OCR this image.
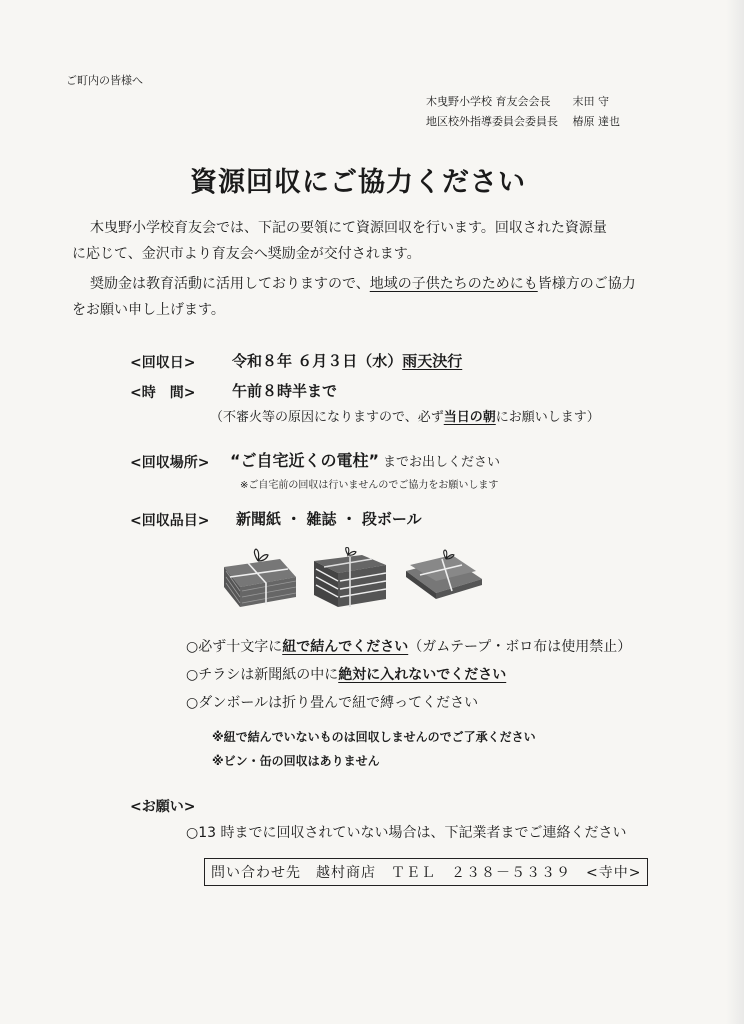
ご町内の皆様へ
木曳野小学校 育友会会長　　末田 守
地区校外指導委員会委員長　 椿原 達也
資源回収にご協力ください
木曳野小学校育友会では、下記の要領にて資源回収を行います。回収された資源量
に応じて、金沢市より育友会へ奨励金が交付されます。
奨励金は教育活動に活用しておりますので、地域の子供たちのためにも皆様方のご協力
をお願い申し上げます。
<回収日> 令和８年 ６月３日（水）雨天決行
<時　間> 午前８時半まで
（不審火等の原因になりますので、必ず当日の朝にお願いします）
<回収場所> “ご自宅近くの電柱” までお出しください
※ご自宅前の回収は行いませんのでご協力をお願いします
<回収品目> 新聞紙 ・ 雑誌 ・ 段ボール
○必ず十文字に紐で結んでください（ガムテープ・ボロ布は使用禁止）
○チラシは新聞紙の中に絶対に入れないでください
○ダンボールは折り畳んで紐で縛ってください
※紐で結んでいないものは回収しませんのでご了承ください
※ビン・缶の回収はありません
<お願い>
○13 時までに回収されていない場合は、下記業者までご連絡ください
問い合わせ先　越村商店　ＴＥＬ　２３８－５３３９　<寺中>
